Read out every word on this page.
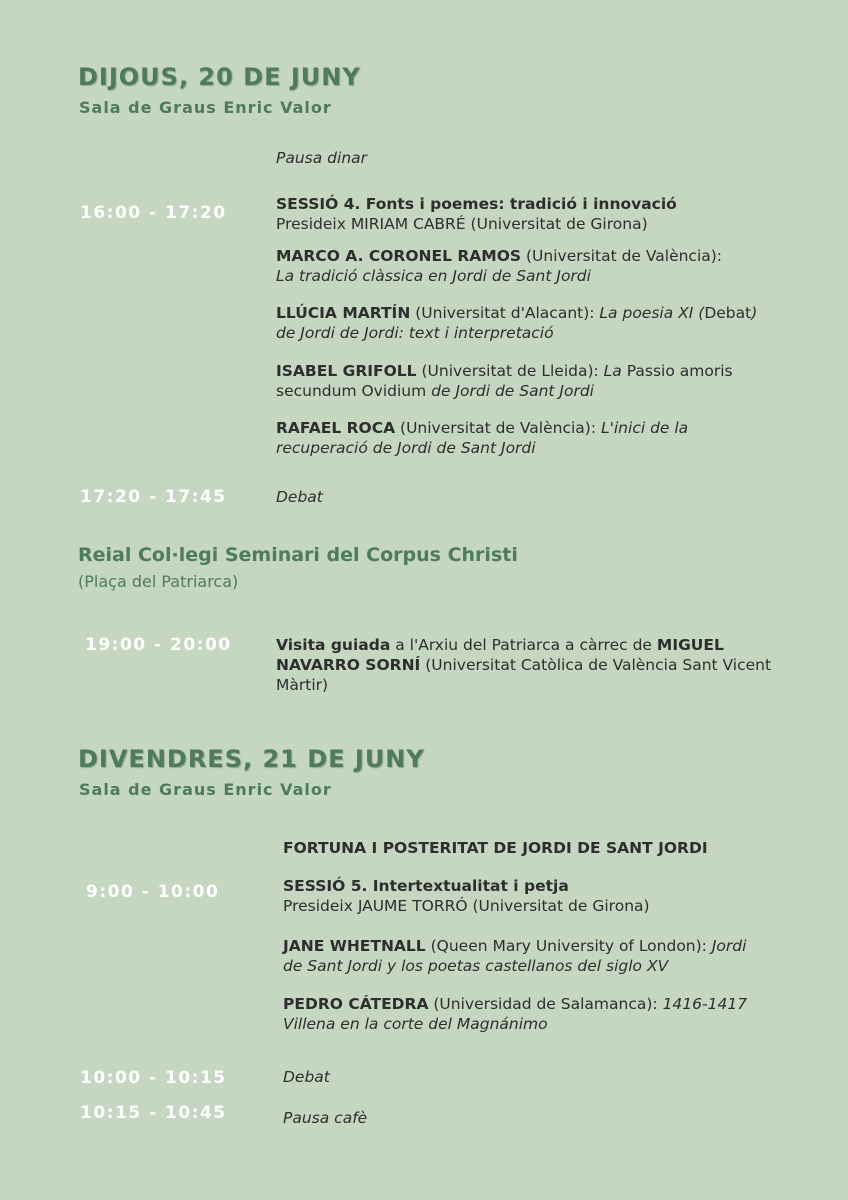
DIJOUS, 20 DE JUNY
Sala de Graus Enric Valor
Pausa dinar
16:00 - 17:20	SESSIÓ 4. Fonts i poemes: tradició i innovació
Presideix MIRIAM CABRÉ (Universitat de Girona)
MARCO A. CORONEL RAMOS (Universitat de València):
La tradició clàssica en Jordi de Sant Jordi
LLÚCIA MARTÍN (Universitat d'Alacant): La poesia XI (Debat)
de Jordi de Jordi: text i interpretació
ISABEL GRIFOLL (Universitat de Lleida): La Passio amoris
secundum Ovidium de Jordi de Sant Jordi
RAFAEL ROCA (Universitat de València): L'inici de la
recuperació de Jordi de Sant Jordi
17:20 - 17:45	Debat
Reial Col·legi Seminari del Corpus Christi
(Plaça del Patriarca)
19:00 - 20:00	Visita guiada a l'Arxiu del Patriarca a càrrec de MIGUEL
NAVARRO SORNÍ (Universitat Catòlica de València Sant Vicent
Màrtir)
DIVENDRES, 21 DE JUNY
Sala de Graus Enric Valor
FORTUNA I POSTERITAT DE JORDI DE SANT JORDI
9:00 - 10:00	SESSIÓ 5. Intertextualitat i petja
Presideix JAUME TORRÓ (Universitat de Girona)
JANE WHETNALL (Queen Mary University of London): Jordi
de Sant Jordi y los poetas castellanos del siglo XV
PEDRO CÁTEDRA (Universidad de Salamanca): 1416-1417
Villena en la corte del Magnánimo
10:00 - 10:15	Debat
10:15 - 10:45	Pausa cafè
